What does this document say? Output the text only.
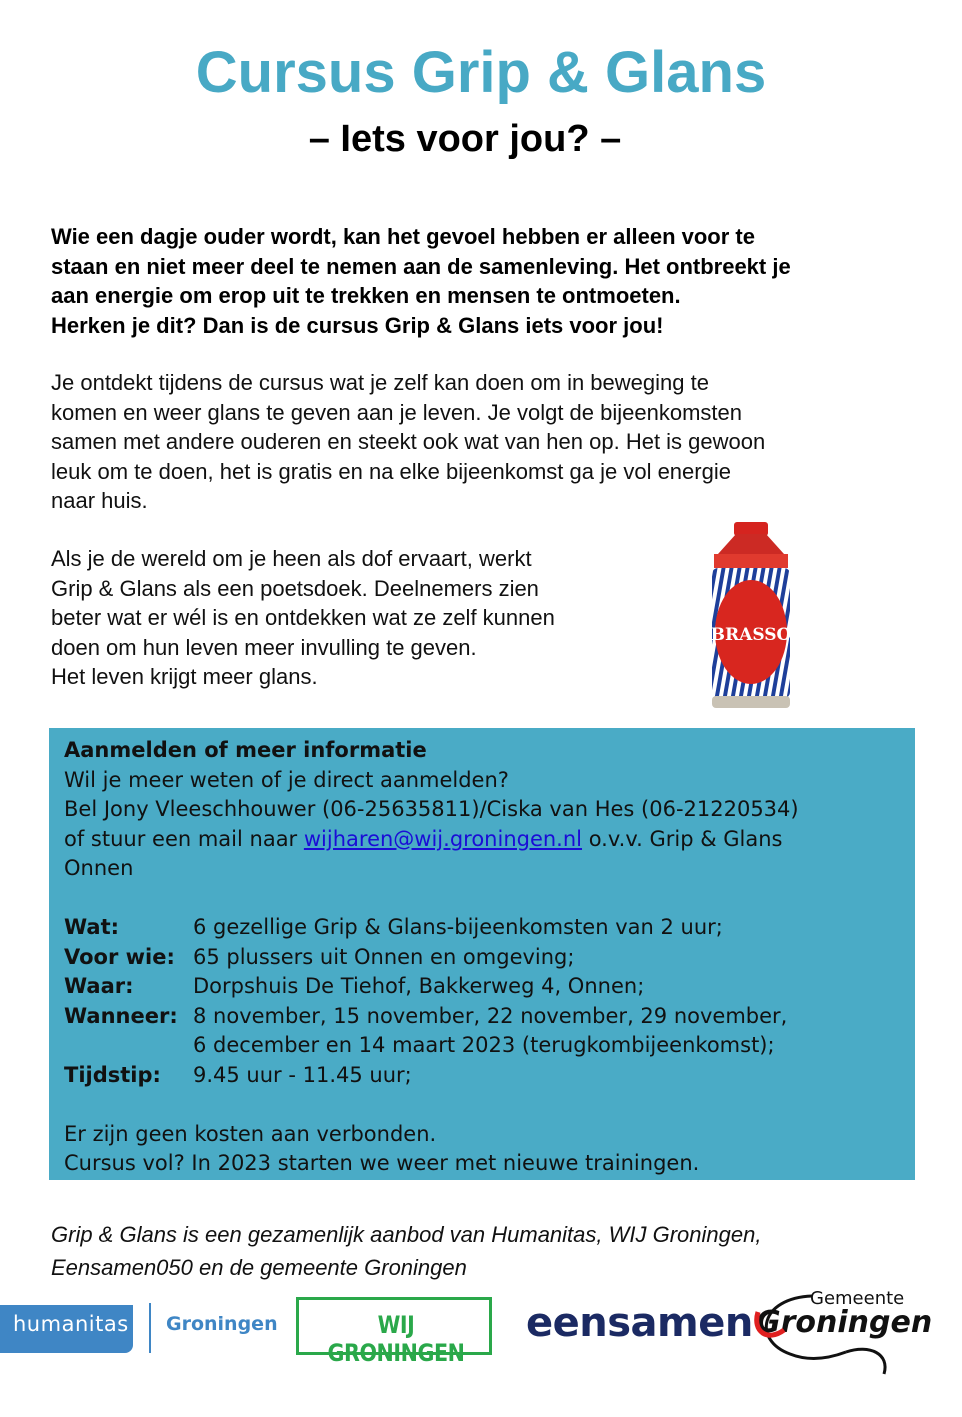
Cursus Grip & Glans
– Iets voor jou? –

Wie een dagje ouder wordt, kan het gevoel hebben er alleen voor te
staan en niet meer deel te nemen aan de samenleving. Het ontbreekt je
aan energie om erop uit te trekken en mensen te ontmoeten.
Herken je dit? Dan is de cursus Grip & Glans iets voor jou!

Je ontdekt tijdens de cursus wat je zelf kan doen om in beweging te
komen en weer glans te geven aan je leven. Je volgt de bijeenkomsten
samen met andere ouderen en steekt ook wat van hen op. Het is gewoon
leuk om te doen, het is gratis en na elke bijeenkomst ga je vol energie
naar huis.

Als je de wereld om je heen als dof ervaart, werkt
Grip & Glans als een poetsdoek. Deelnemers zien
beter wat er wél is en ontdekken wat ze zelf kunnen
doen om hun leven meer invulling te geven.
Het leven krijgt meer glans.

BRASSO
Aanmelden of meer informatie
Wil je meer weten of je direct aanmelden?
Bel Jony Vleeschhouwer (06-25635811)/Ciska van Hes (06-21220534)
of stuur een mail naar wijharen@wij.groningen.nl o.v.v. Grip & Glans
Onnen
Wat:	6 gezellige Grip & Glans-bijeenkomsten van 2 uur;
Voor wie: 65 plussers uit Onnen en omgeving;
Waar:	Dorpshuis De Tiehof, Bakkerweg 4, Onnen;
Wanneer: 8 november, 15 november, 22 november, 29 november,
6 december en 14 maart 2023 (terugkombijeenkomst);
Tijdstip:	9.45 uur - 11.45 uur;
Er zijn geen kosten aan verbonden.
Cursus vol? In 2023 starten we weer met nieuwe trainingen.

Grip & Glans is een gezamenlijk aanbod van Humanitas, WIJ Groningen,
Eensamen050 en de gemeente Groningen

humanitas Groningen	WIJ GRONINGEN
eensamen
Gemeente
Groningen
